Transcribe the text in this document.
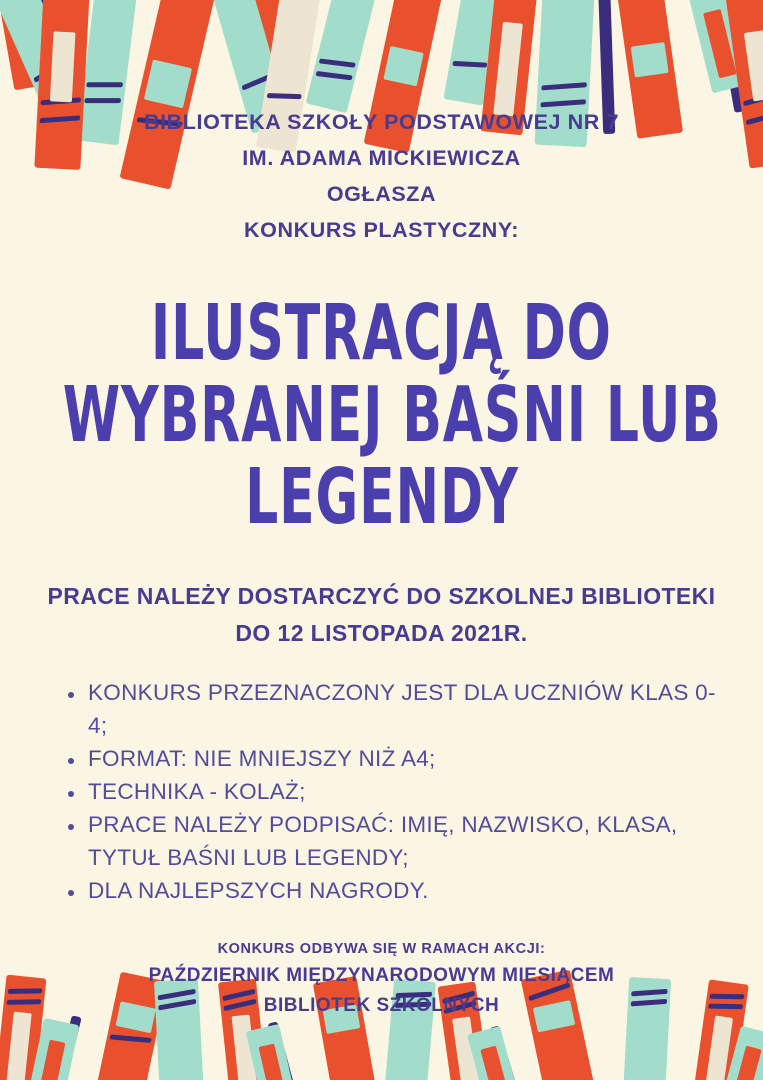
BIBLIOTEKA SZKOŁY PODSTAWOWEJ NR 7
IM. ADAMA MICKIEWICZA
OGŁASZA
KONKURS PLASTYCZNY:
ILUSTRACJĄ DO
WYBRANEJ BAŚNI LUB
LEGENDY
PRACE NALEŻY DOSTARCZYĆ DO SZKOLNEJ BIBLIOTEKI
DO 12 LISTOPADA 2021R.
• KONKURS PRZEZNACZONY JEST DLA UCZNIÓW KLAS 0-4;
• FORMAT: NIE MNIEJSZY NIŻ A4;
• TECHNIKA - KOLAŻ;
• PRACE NALEŻY PODPISAĆ: IMIĘ, NAZWISKO, KLASA, TYTUŁ BAŚNI LUB LEGENDY;
• DLA NAJLEPSZYCH NAGRODY.
KONKURS ODBYWA SIĘ W RAMACH AKCJI:
PAŹDZIERNIK MIĘDZYNARODOWYM MIESIĄCEM
BIBLIOTEK SZKOLNYCH
